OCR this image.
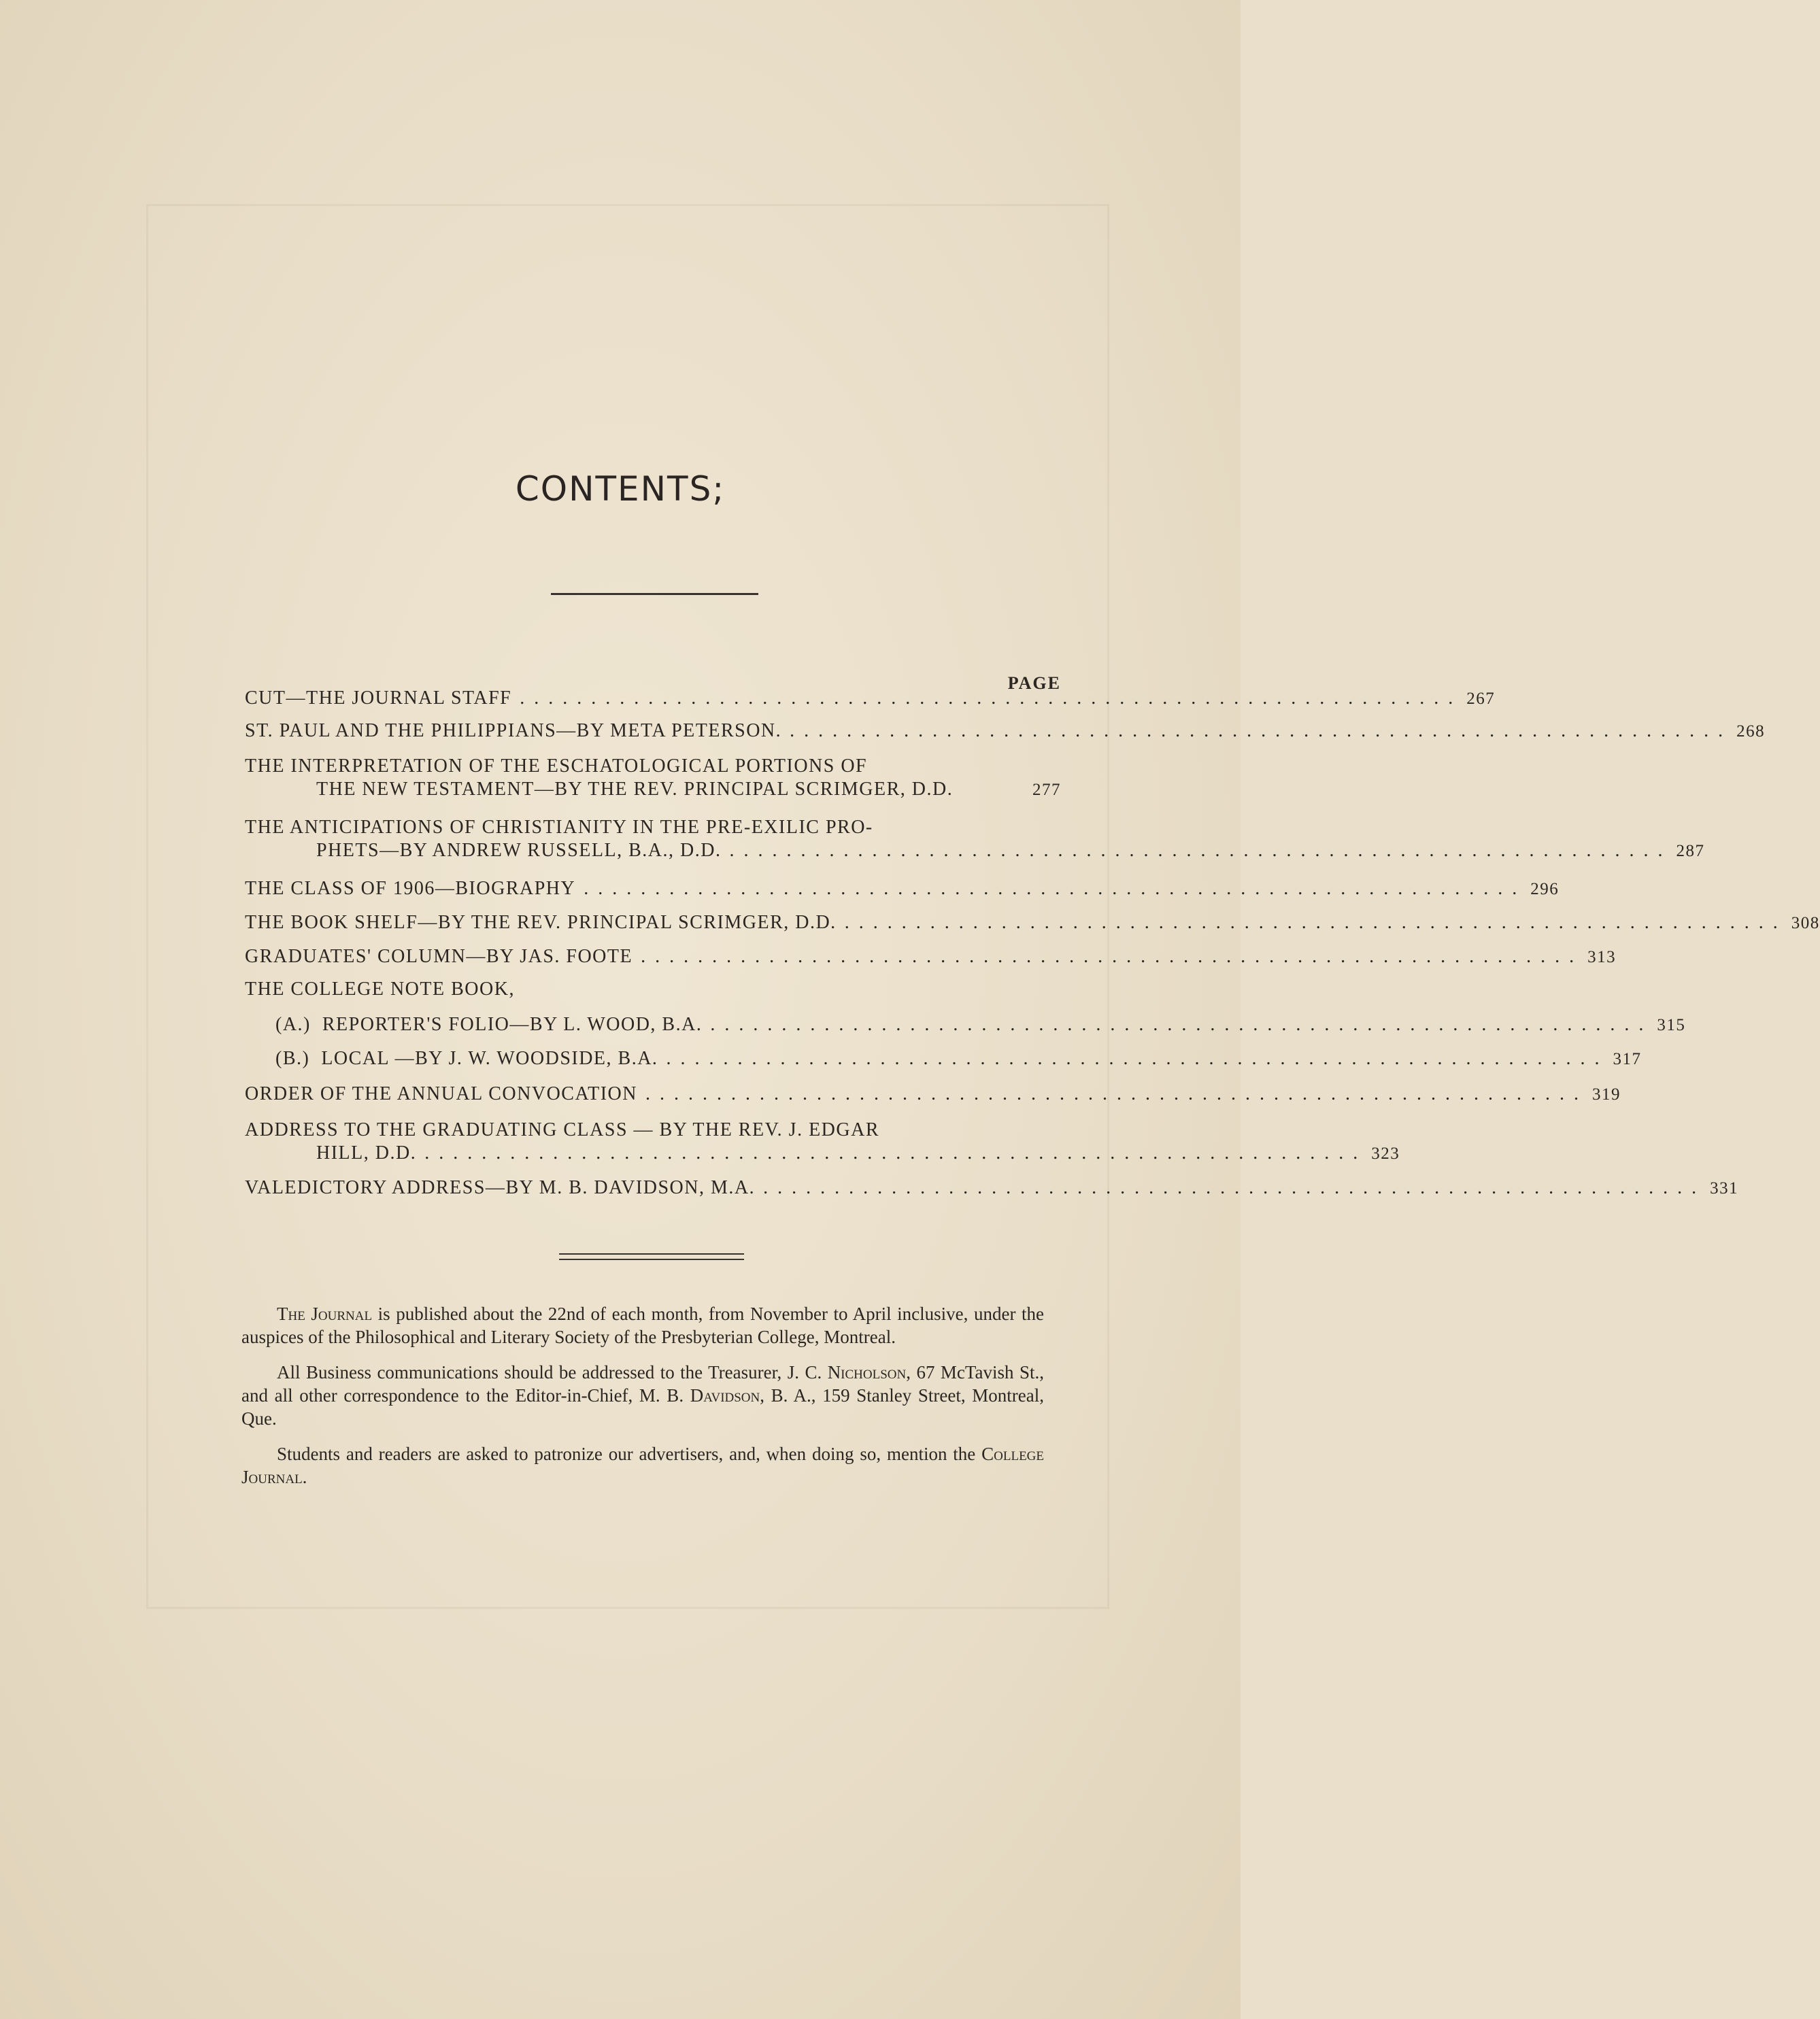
CONTENTS;
PAGE
CUT—THE JOURNAL STAFF .................................................................. 267
ST. PAUL AND THE PHILIPPIANS—BY META PETERSON. .................................................................. 268
THE INTERPRETATION OF THE ESCHATOLOGICAL PORTIONS OF
THE NEW TESTAMENT—BY THE REV. PRINCIPAL SCRIMGER, D.D.	277
THE ANTICIPATIONS OF CHRISTIANITY IN THE PRE-EXILIC PRO-
PHETS—BY ANDREW RUSSELL, B.A., D.D. .................................................................. 287
THE CLASS OF 1906—BIOGRAPHY .................................................................. 296
THE BOOK SHELF—BY THE REV. PRINCIPAL SCRIMGER, D.D. .................................................................. 308
GRADUATES' COLUMN—BY JAS. FOOTE .................................................................. 313
THE COLLEGE NOTE BOOK,
(A.) REPORTER'S FOLIO—BY L. WOOD, B.A. .................................................................. 315
(B.) LOCAL —BY J. W. WOODSIDE, B.A. .................................................................. 317
ORDER OF THE ANNUAL CONVOCATION .................................................................. 319
ADDRESS TO THE GRADUATING CLASS — BY THE REV. J. EDGAR
HILL, D.D. .................................................................. 323
VALEDICTORY ADDRESS—BY M. B. DAVIDSON, M.A. .................................................................. 331

The Journal is published about the 22nd of each month, from November to April inclusive, under the auspices of the Philosophical and Literary Society of the Presbyterian College, Montreal.

All Business communications should be addressed to the Treasurer, J. C. Nicholson, 67 McTavish St., and all other correspondence to the Editor-in-Chief, M. B. Davidson, B. A., 159 Stanley Street, Montreal, Que.

Students and readers are asked to patronize our advertisers, and, when doing so, mention the College Journal.
